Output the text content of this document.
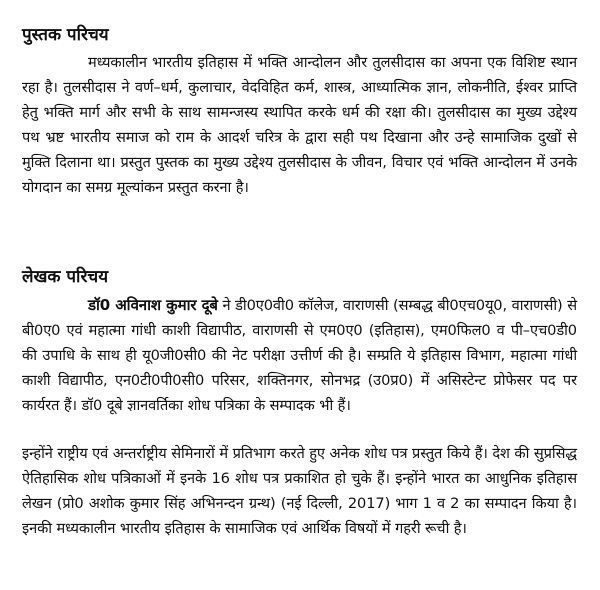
पुस्तक परिचय

मध्यकालीन भारतीय इतिहास में भक्ति आन्दोलन और तुलसीदास का अपना एक विशिष्ट स्थान रहा है। तुलसीदास ने वर्ण–धर्म, कुलाचार, वेदविहित कर्म, शास्त्र, आध्यात्मिक ज्ञान, लोकनीति, ईश्वर प्राप्ति हेतु भक्ति मार्ग और सभी के साथ सामन्जस्य स्थापित करके धर्म की रक्षा की। तुलसीदास का मुख्य उद्देश्य पथ भ्रष्ट भारतीय समाज को राम के आदर्श चरित्र के द्वारा सही पथ दिखाना और उन्हे सामाजिक दुखों से मुक्ति दिलाना था। प्रस्तुत पुस्तक का मुख्य उद्देश्य तुलसीदास के जीवन, विचार एवं भक्ति आन्दोलन में उनके योगदान का समग्र मूल्यांकन प्रस्तुत करना है।

लेखक परिचय

डॉ0 अविनाश कुमार दूबे ने डी0ए0वी0 कॉलेज, वाराणसी (सम्बद्ध बी0एच0यू0, वाराणसी) से बी0ए0 एवं महात्मा गांधी काशी विद्यापीठ, वाराणसी से एम0ए0 (इतिहास), एम0फिल0 व पी–एच0डी0 की उपाधि के साथ ही यू0जी0सी0 की नेट परीक्षा उत्तीर्ण की है। सम्प्रति ये इतिहास विभाग, महात्मा गांधी काशी विद्यापीठ, एन0टी0पी0सी0 परिसर, शक्तिनगर, सोनभद्र (उ0प्र0) में असिस्टेन्ट प्रोफेसर पद पर कार्यरत हैं। डॉ0 दूबे ज्ञानवर्तिका शोध पत्रिका के सम्पादक भी हैं।

इन्होंने राष्ट्रीय एवं अन्तर्राष्ट्रीय सेमिनारों में प्रतिभाग करते हुए अनेक शोध पत्र प्रस्तुत किये हैं। देश की सुप्रसिद्ध ऐतिहासिक शोध पत्रिकाओं में इनके 16 शोध पत्र प्रकाशित हो चुके हैं। इन्होंने भारत का आधुनिक इतिहास लेखन (प्रो0 अशोक कुमार सिंह अभिनन्दन ग्रन्थ) (नई दिल्ली, 2017) भाग 1 व 2 का सम्पादन किया है। इनकी मध्यकालीन भारतीय इतिहास के सामाजिक एवं आर्थिक विषयों में गहरी रूची है।
